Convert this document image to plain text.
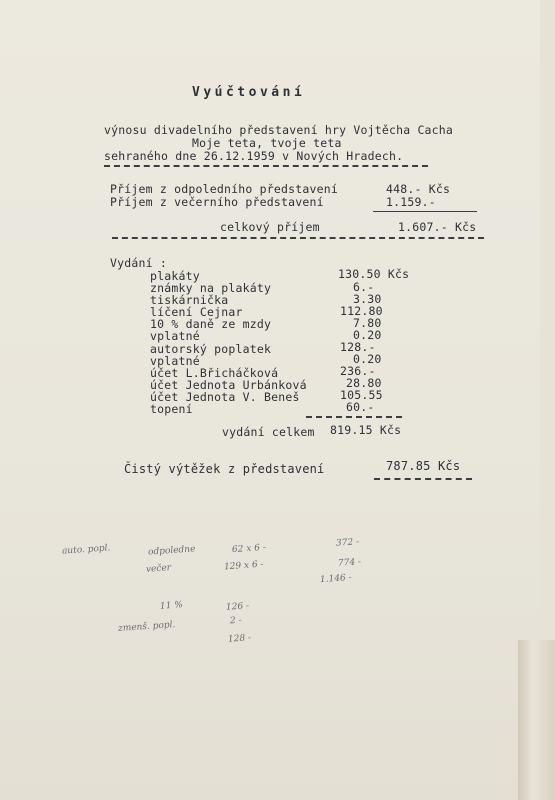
Vyúčtování
výnosu divadelního představení hry Vojtěcha Cacha
Moje teta, tvoje teta
sehraného dne 26.12.1959 v Nových Hradech.
Příjem z odpoledního představení	448.- Kčs
Příjem z večerního představení	1.159.-
celkový příjem	1.607.- Kčs
Vydání :
plakáty	130.50 Kčs
známky na plakáty	6.-
tiskárnička	3.30
líčení Cejnar	112.80
10 % daně ze mzdy	7.80
vplatné	0.20
autorský poplatek	128.-
vplatné	0.20
účet L.Břicháčková	236.-
účet Jednota Urbánková	28.80
účet Jednota V. Beneš	105.55
topení	60.-
vydání celkem 819.15 Kčs
Čistý výtěžek z představení	787.85 Kčs
auto. popl.	odpoledne	62 x 6 -	372 -
večer	129 x 6 -	774 -
1.146 -
11 %	126 -
zmenš. popl.	2 -
128 -
